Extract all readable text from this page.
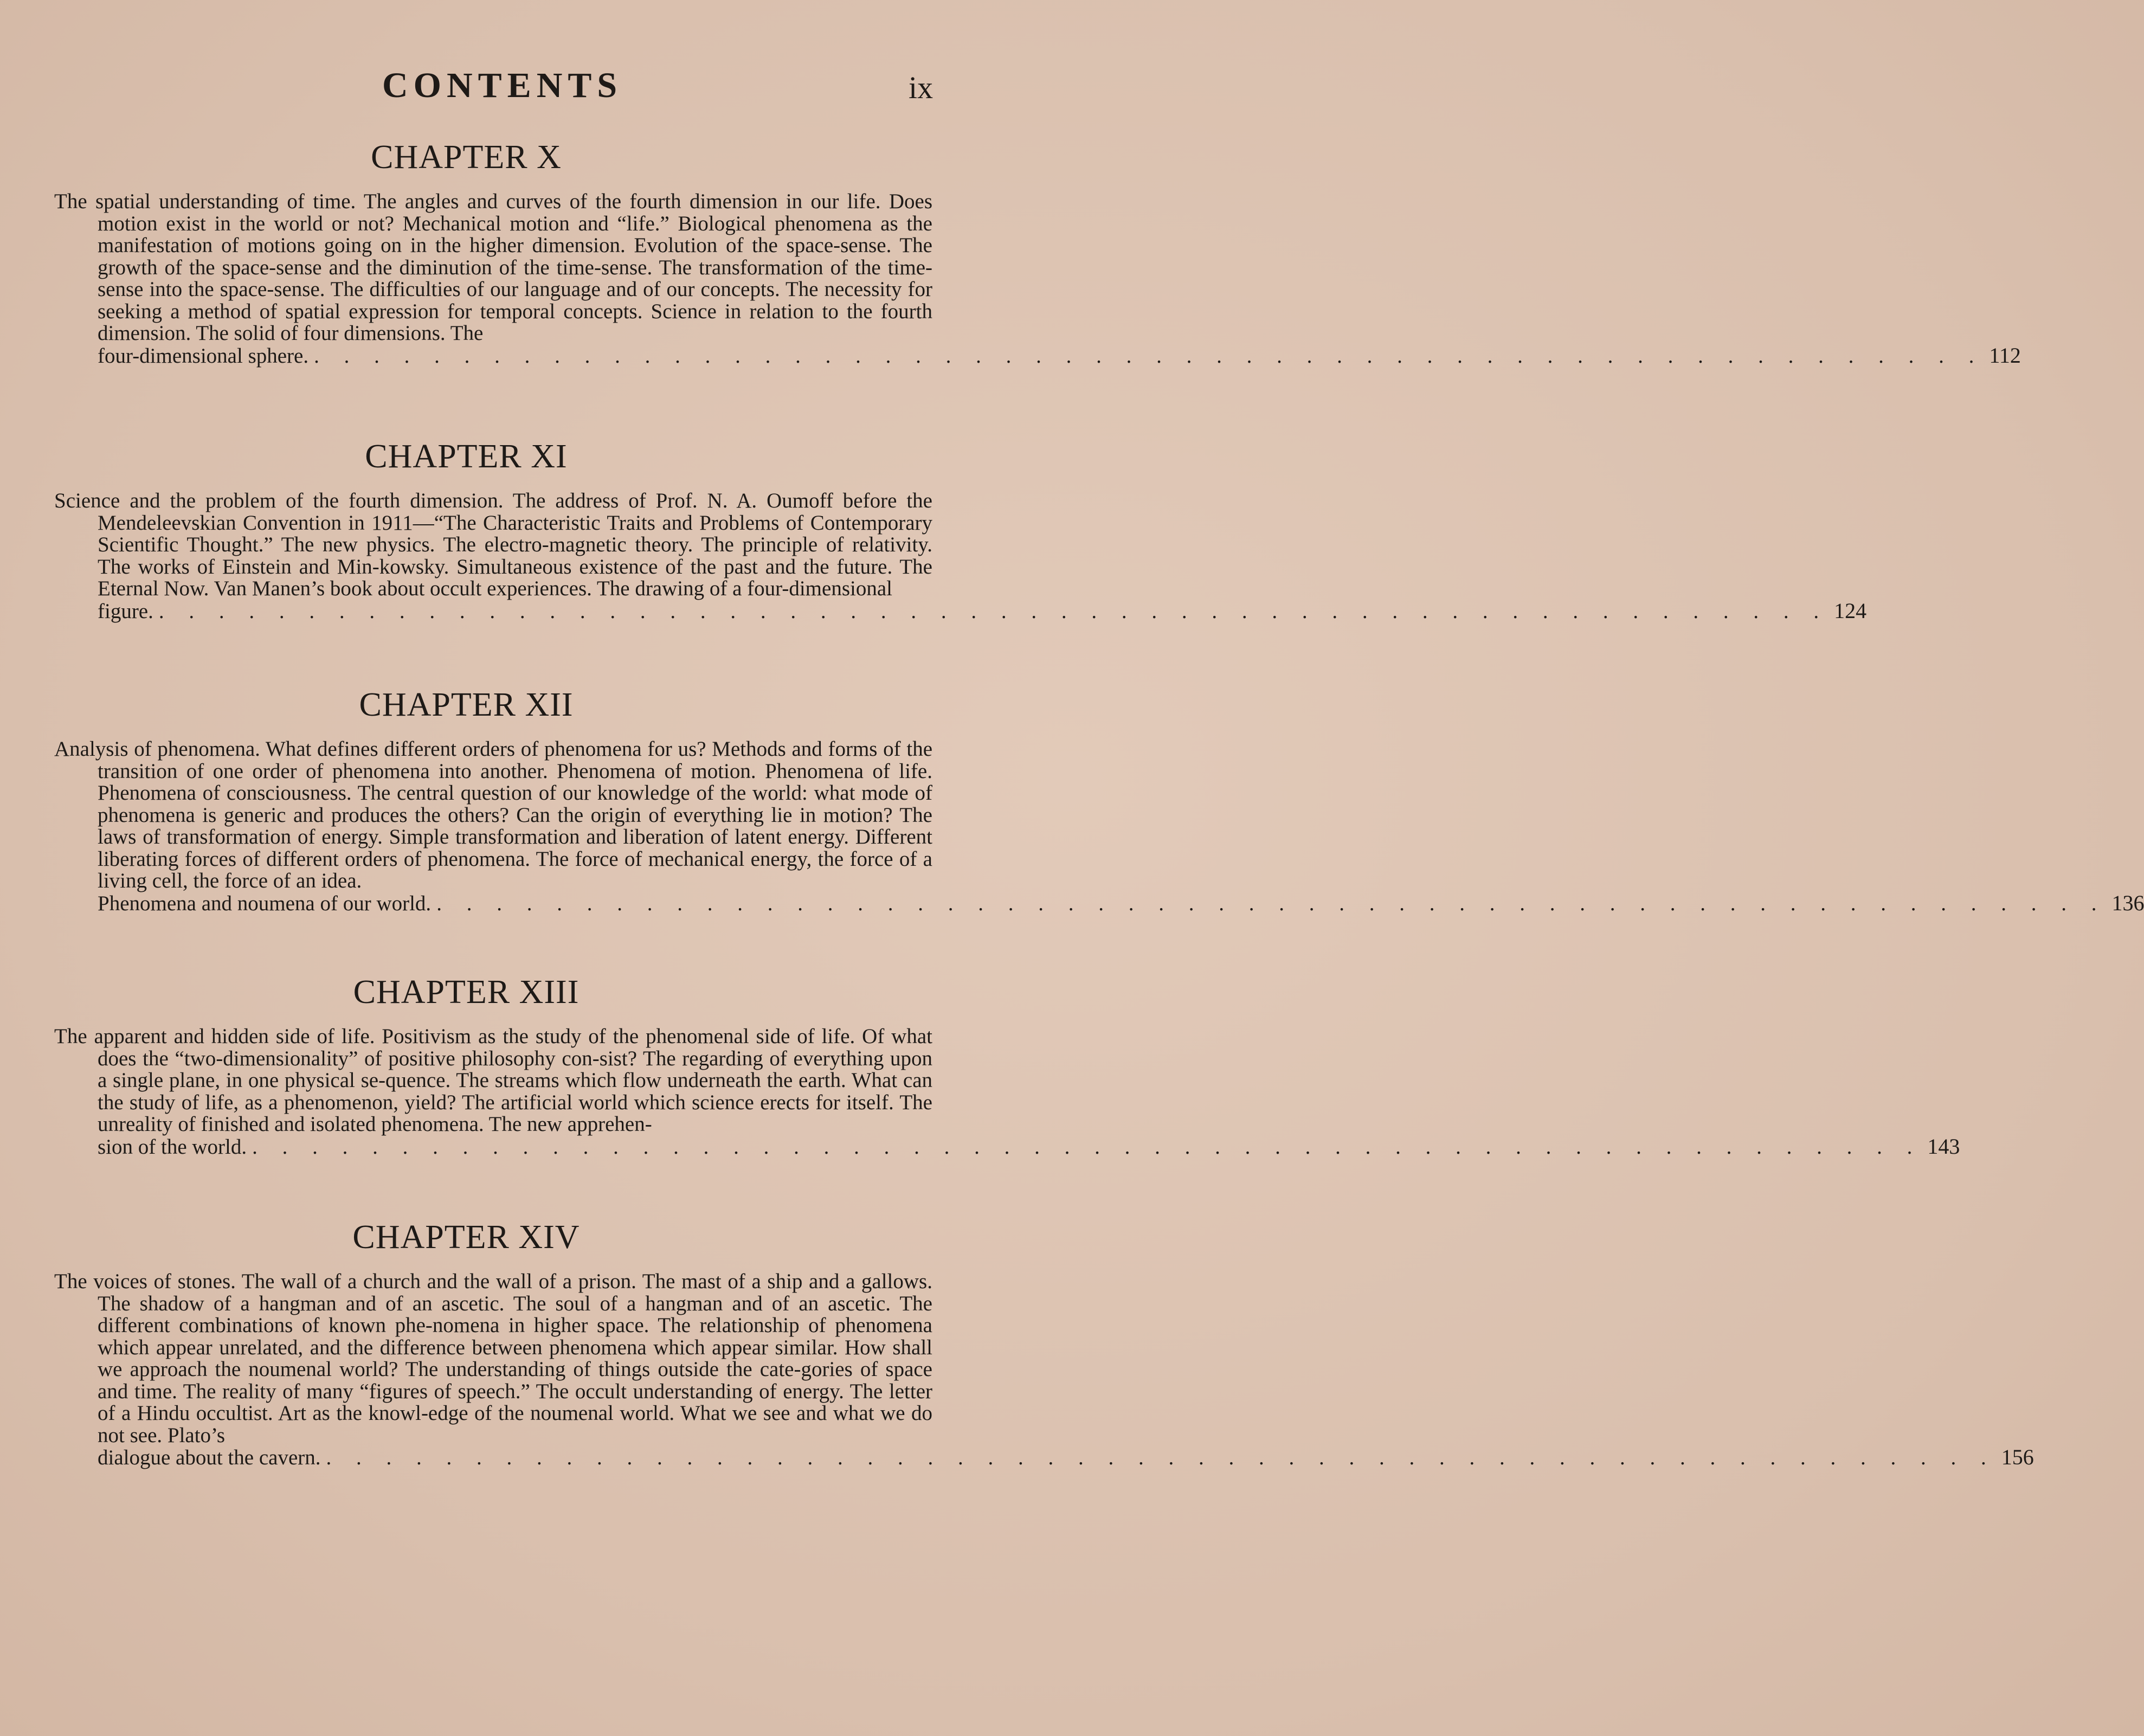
CONTENTS	ix
CHAPTER X

The spatial understanding of time. The angles and curves of the fourth dimension in our life. Does motion exist in the world or not? Mechanical motion and “life.” Biological phenomena as the manifestation of motions going on in the higher dimension. Evolution of the space-sense. The growth of the space-sense and the diminution of the time-sense. The transformation of the time-sense into the space-sense. The difficulties of our language and of our concepts. The necessity for seeking a method of spatial expression for temporal concepts. Science in relation to the fourth dimension. The solid of four dimensions. The

four-dimensional sphere. . . . . . . . . . . . . . . . . . . . . . . . . . . . . . . . . . . . . . . . . . . . . . . . . . . . . . . . . 112
CHAPTER XI

Science and the problem of the fourth dimension. The address of Prof. N. A. Oumoff before the Mendeleevskian Convention in 1911—“The Characteristic Traits and Problems of Contemporary Scientific Thought.” The new physics. The electro-magnetic theory. The principle of relativity. The works of Einstein and Min-kowsky. Simultaneous existence of the past and the future. The Eternal Now. Van Manen’s book about occult experiences. The drawing of a four-dimensional

figure. . . . . . . . . . . . . . . . . . . . . . . . . . . . . . . . . . . . . . . . . . . . . . . . . . . . . . . . . 124
CHAPTER XII

Analysis of phenomena. What defines different orders of phenomena for us? Methods and forms of the transition of one order of phenomena into another. Phenomena of motion. Phenomena of life. Phenomena of consciousness. The central question of our knowledge of the world: what mode of phenomena is generic and produces the others? Can the origin of everything lie in motion? The laws of transformation of energy. Simple transformation and liberation of latent energy. Different liberating forces of different orders of phenomena. The force of mechanical energy, the force of a living cell, the force of an idea.

Phenomena and noumena of our world. . . . . . . . . . . . . . . . . . . . . . . . . . . . . . . . . . . . . . . . . . . . . . . . . . . . . . . . . 136
CHAPTER XIII

The apparent and hidden side of life. Positivism as the study of the phenomenal side of life. Of what does the “two-dimensionality” of positive philosophy con-sist? The regarding of everything upon a single plane, in one physical se-quence. The streams which flow underneath the earth. What can the study of life, as a phenomenon, yield? The artificial world which science erects for itself. The unreality of finished and isolated phenomena. The new apprehen-

sion of the world. . . . . . . . . . . . . . . . . . . . . . . . . . . . . . . . . . . . . . . . . . . . . . . . . . . . . . . . . 143
CHAPTER XIV

The voices of stones. The wall of a church and the wall of a prison. The mast of a ship and a gallows. The shadow of a hangman and of an ascetic. The soul of a hangman and of an ascetic. The different combinations of known phe-nomena in higher space. The relationship of phenomena which appear unrelated, and the difference between phenomena which appear similar. How shall we approach the noumenal world? The understanding of things outside the cate-gories of space and time. The reality of many “figures of speech.” The occult understanding of energy. The letter of a Hindu occultist. Art as the knowl-edge of the noumenal world. What we see and what we do not see. Plato’s

dialogue about the cavern. . . . . . . . . . . . . . . . . . . . . . . . . . . . . . . . . . . . . . . . . . . . . . . . . . . . . . . . . 156
